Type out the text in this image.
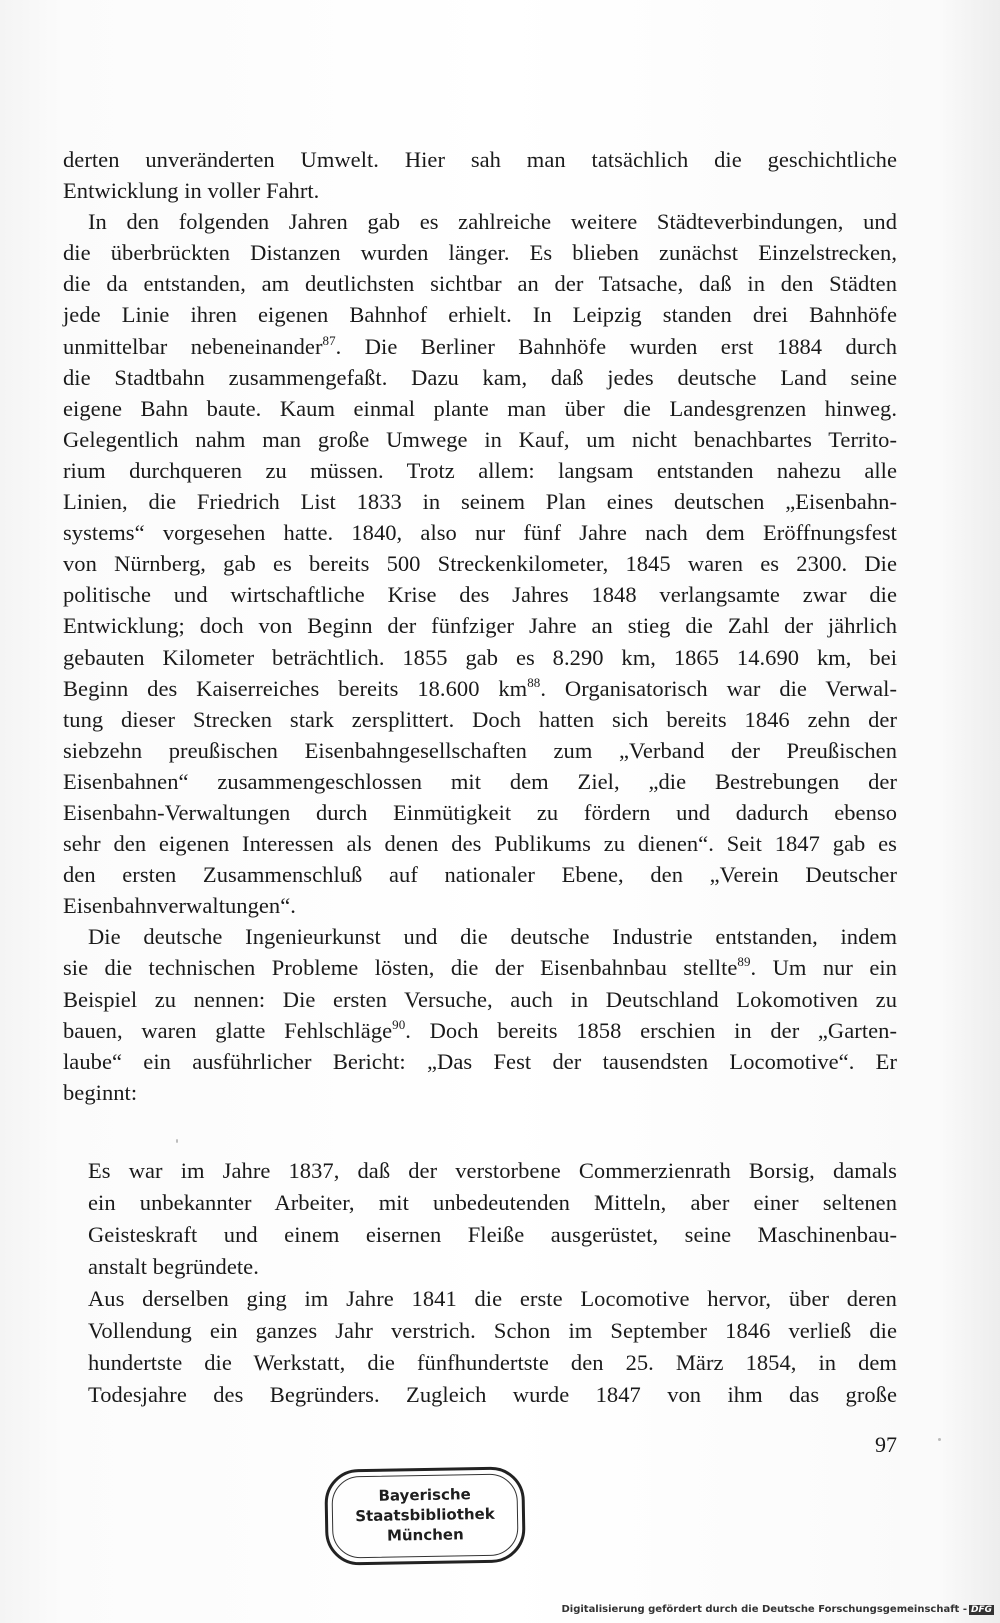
derten unveränderten Umwelt. Hier sah man tatsächlich die geschichtliche
Entwicklung in voller Fahrt.
In den folgenden Jahren gab es zahlreiche weitere Städteverbindungen, und
die überbrückten Distanzen wurden länger. Es blieben zunächst Einzelstrecken,
die da entstanden, am deutlichsten sichtbar an der Tatsache, daß in den Städten
jede Linie ihren eigenen Bahnhof erhielt. In Leipzig standen drei Bahnhöfe
unmittelbar nebeneinander$^{87}$. Die Berliner Bahnhöfe wurden erst 1884 durch
die Stadtbahn zusammengefaßt. Dazu kam, daß jedes deutsche Land seine
eigene Bahn baute. Kaum einmal plante man über die Landesgrenzen hinweg.
Gelegentlich nahm man große Umwege in Kauf, um nicht benachbartes Territo-
rium durchqueren zu müssen. Trotz allem: langsam entstanden nahezu alle
Linien, die Friedrich List 1833 in seinem Plan eines deutschen „Eisenbahn-
systems“ vorgesehen hatte. 1840, also nur fünf Jahre nach dem Eröffnungsfest
von Nürnberg, gab es bereits 500 Streckenkilometer, 1845 waren es 2300. Die
politische und wirtschaftliche Krise des Jahres 1848 verlangsamte zwar die
Entwicklung; doch von Beginn der fünfziger Jahre an stieg die Zahl der jährlich
gebauten Kilometer beträchtlich. 1855 gab es 8.290 km, 1865 14.690 km, bei
Beginn des Kaiserreiches bereits 18.600 $km^{88}$. Organisatorisch war die Verwal-
tung dieser Strecken stark zersplittert. Doch hatten sich bereits 1846 zehn der
siebzehn preußischen Eisenbahngesellschaften zum „Verband der Preußischen
Eisenbahnen“ zusammengeschlossen mit dem Ziel, „die Bestrebungen der
Eisenbahn-Verwaltungen durch Einmütigkeit zu fördern und dadurch ebenso
sehr den eigenen Interessen als denen des Publikums zu dienen“. Seit 1847 gab es
den ersten Zusammenschluß auf nationaler Ebene, den „Verein Deutscher
Eisenbahnverwaltungen“.
Die deutsche Ingenieurkunst und die deutsche Industrie entstanden, indem
sie die technischen Probleme lösten, die der Eisenbahnbau stellte$^{89}$. Um nur ein
Beispiel zu nennen: Die ersten Versuche, auch in Deutschland Lokomotiven zu
bauen, waren glatte Fehlschläge$^{90}$. Doch bereits 1858 erschien in der „Garten-
laube“ ein ausführlicher Bericht: „Das Fest der tausendsten Locomotive“. Er
beginnt:
Es war im Jahre 1837, daß der verstorbene Commerzienrath Borsig, damals
ein unbekannter Arbeiter, mit unbedeutenden Mitteln, aber einer seltenen
Geisteskraft und einem eisernen Fleiße ausgerüstet, seine Maschinenbau-
anstalt begründete.
Aus derselben ging im Jahre 1841 die erste Locomotive hervor, über deren
Vollendung ein ganzes Jahr verstrich. Schon im September 1846 verließ die
hundertste die Werkstatt, die fünfhundertste den 25. März 1854, in dem
Todesjahre des Begründers. Zugleich wurde 1847 von ihm das große
97
Bayerische
Staatsbibliothek
München
Digitalisierung gefördert durch die Deutsche Forschungsgemeinschaft - DFG
